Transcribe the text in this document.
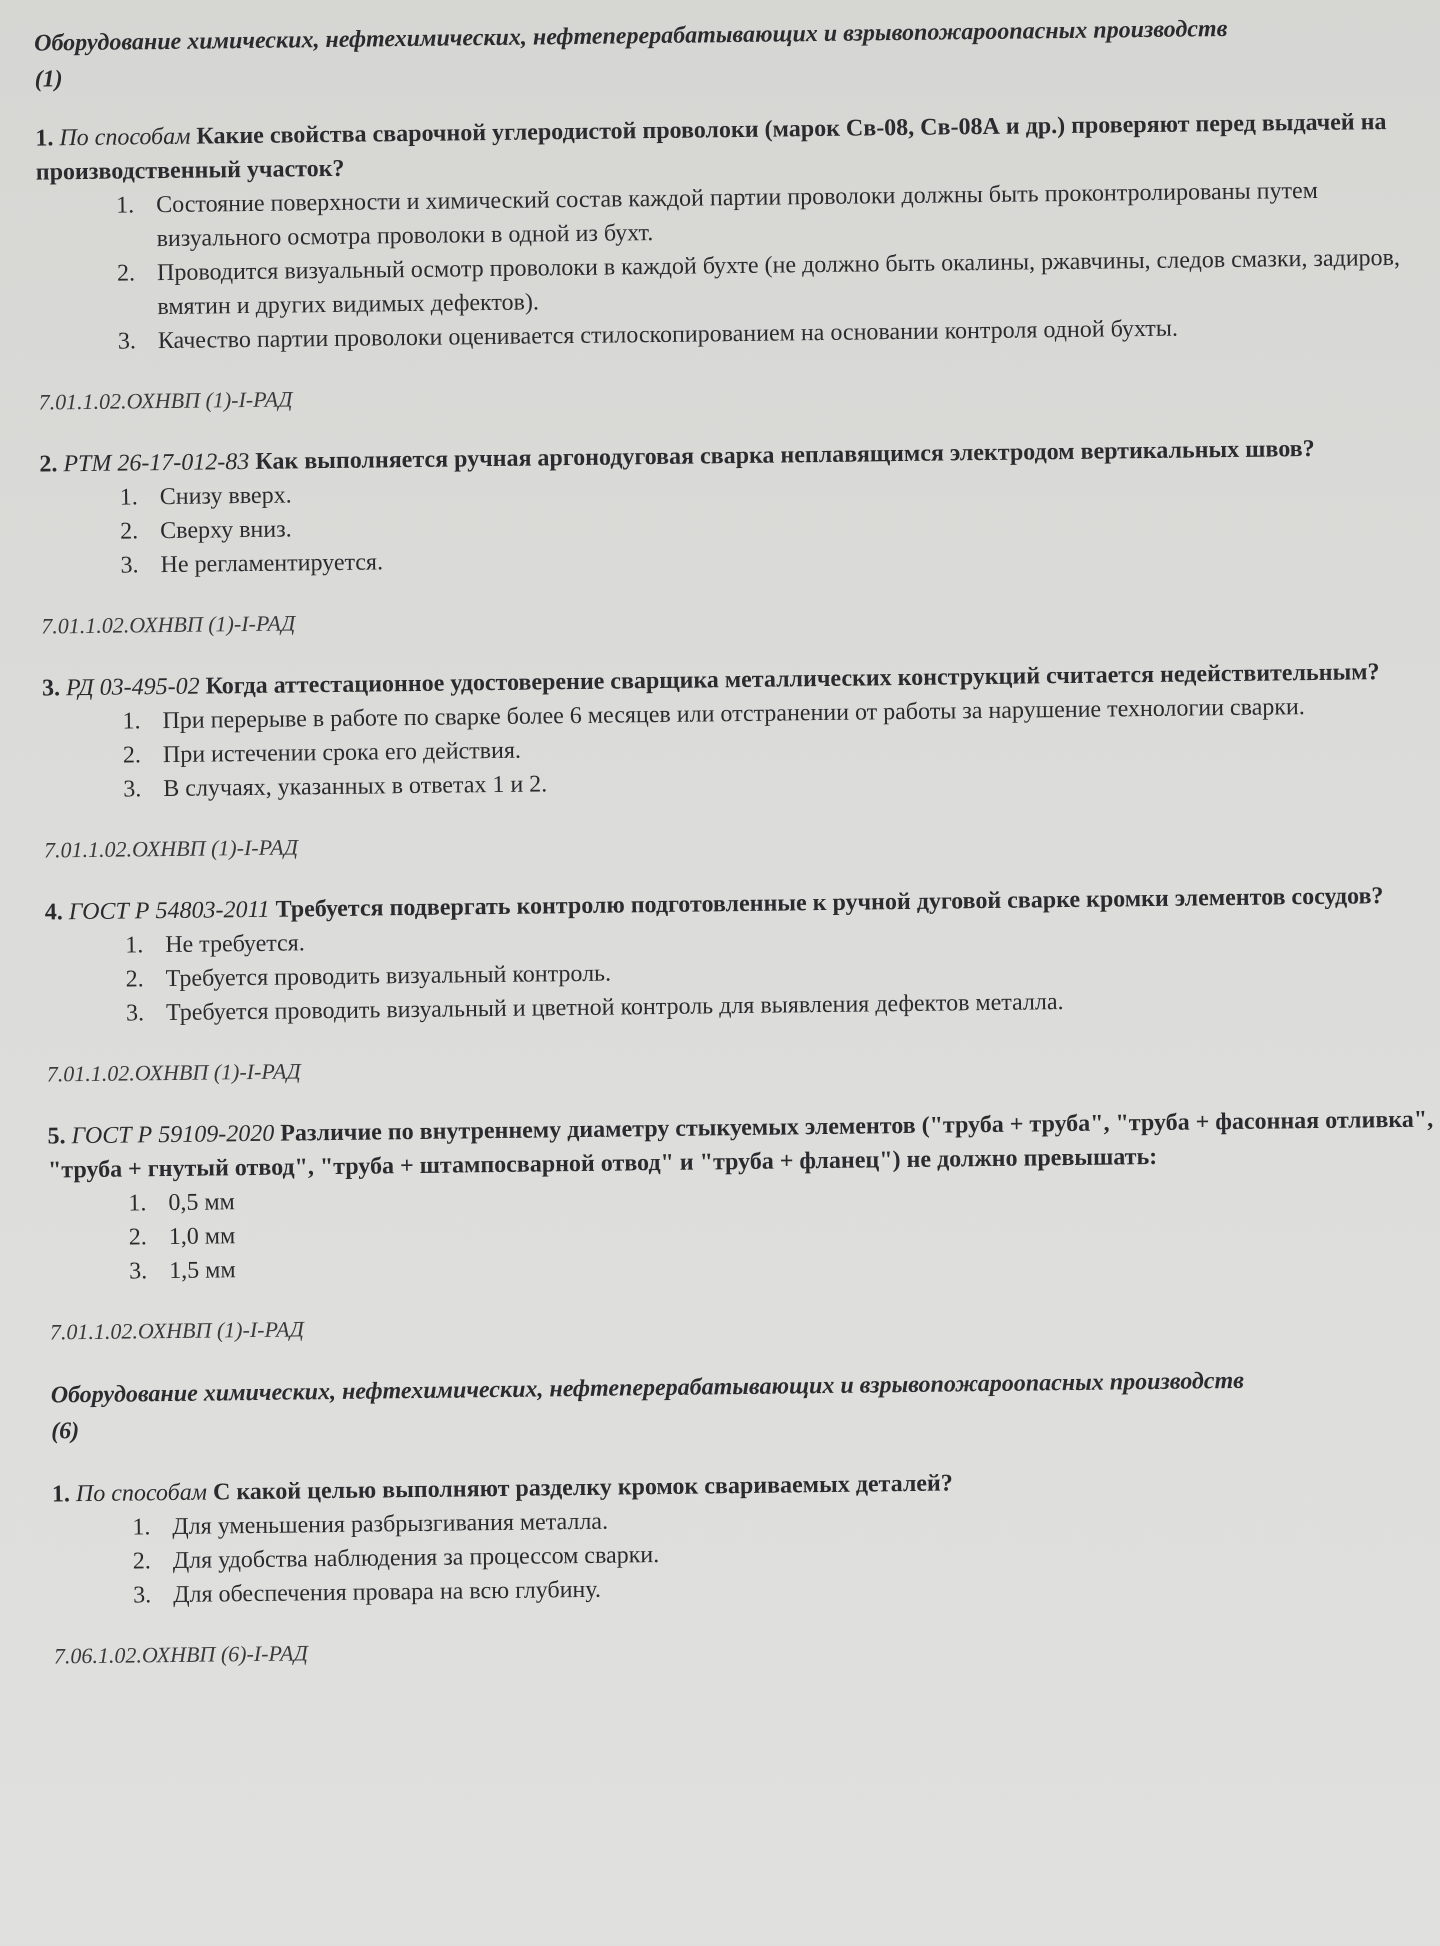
Оборудование химических, нефтехимических, нефтеперерабатывающих и взрывопожароопасных производств
(1)

1. По способам Какие свойства сварочной углеродистой проволоки (марок Св-08, Св-08А и др.) проверяют перед выдачей на производственный участок?

1. Состояние поверхности и химический состав каждой партии проволоки должны быть проконтролированы путем визуального осмотра проволоки в одной из бухт.
2. Проводится визуальный осмотр проволоки в каждой бухте (не должно быть окалины, ржавчины, следов смазки, задиров, вмятин и других видимых дефектов).
3. Качество партии проволоки оценивается стилоскопированием на основании контроля одной бухты.

7.01.1.02.ОХНВП (1)-I-РАД

2. РТМ 26-17-012-83 Как выполняется ручная аргонодуговая сварка неплавящимся электродом вертикальных швов?

1. Снизу вверх.
2. Сверху вниз.
3. Не регламентируется.

7.01.1.02.ОХНВП (1)-I-РАД

3. РД 03-495-02 Когда аттестационное удостоверение сварщика металлических конструкций считается недействительным?

1. При перерыве в работе по сварке более 6 месяцев или отстранении от работы за нарушение технологии сварки.
2. При истечении срока его действия.
3. В случаях, указанных в ответах 1 и 2.

7.01.1.02.ОХНВП (1)-I-РАД

4. ГОСТ Р 54803-2011 Требуется подвергать контролю подготовленные к ручной дуговой сварке кромки элементов сосудов?

1. Не требуется.
2. Требуется проводить визуальный контроль.
3. Требуется проводить визуальный и цветной контроль для выявления дефектов металла.

7.01.1.02.ОХНВП (1)-I-РАД

5. ГОСТ Р 59109-2020 Различие по внутреннему диаметру стыкуемых элементов ("труба + труба", "труба + фасонная отливка", "труба + гнутый отвод", "труба + штампосварной отвод" и "труба + фланец") не должно превышать:

1. 0,5 мм
2. 1,0 мм
3. 1,5 мм

7.01.1.02.ОХНВП (1)-I-РАД

Оборудование химических, нефтехимических, нефтеперерабатывающих и взрывопожароопасных производств
(6)

1. По способам С какой целью выполняют разделку кромок свариваемых деталей?

1. Для уменьшения разбрызгивания металла.
2. Для удобства наблюдения за процессом сварки.
3. Для обеспечения провара на всю глубину.

7.06.1.02.ОХНВП (6)-I-РАД
